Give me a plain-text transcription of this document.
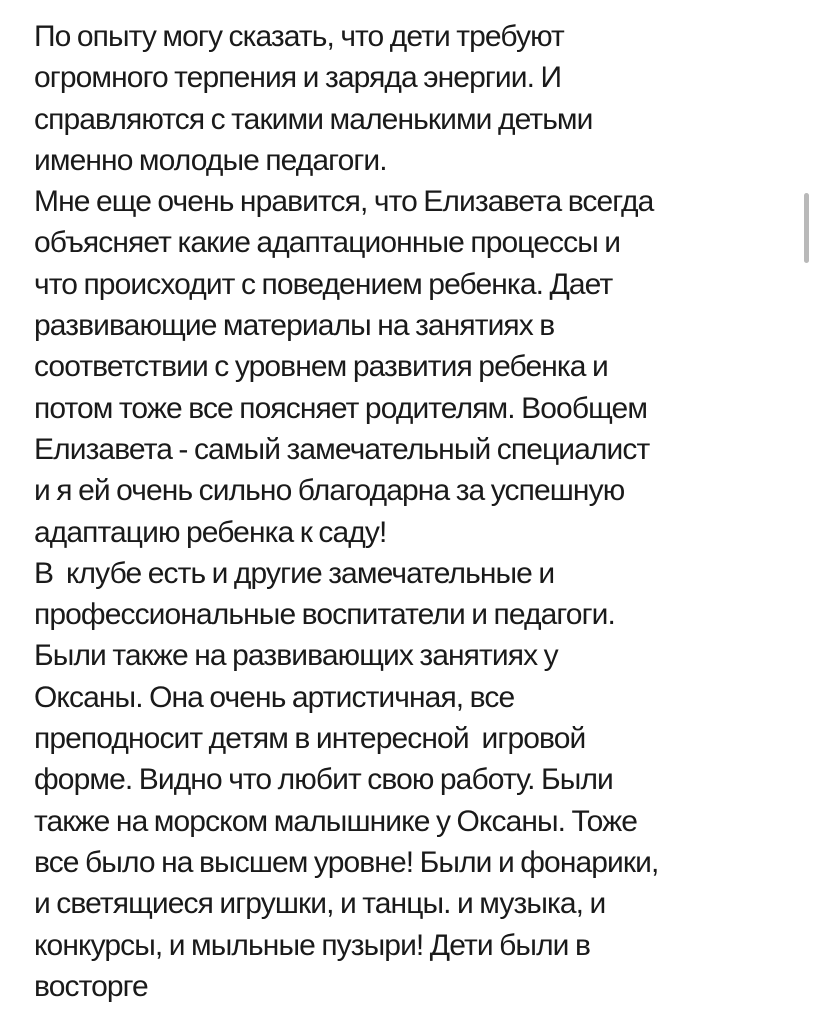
По опыту могу сказать, что дети требуют
огромного терпения и заряда энергии. И
справляются с такими маленькими детьми
именно молодые педагоги.
Мне еще очень нравится, что Елизавета всегда
объясняет какие адаптационные процессы и
что происходит с поведением ребенка. Дает
развивающие материалы на занятиях в
соответствии с уровнем развития ребенка и
потом тоже все поясняет родителям. Вообщем
Елизавета - самый замечательный специалист
и я ей очень сильно благодарна за успешную
адаптацию ребенка к саду!
В  клубе есть и другие замечательные и
профессиональные воспитатели и педагоги.
Были также на развивающих занятиях у
Оксаны. Она очень артистичная, все
преподносит детям в интересной  игровой
форме. Видно что любит свою работу. Были
также на морском малышнике у Оксаны. Тоже
все было на высшем уровне! Были и фонарики,
и светящиеся игрушки, и танцы. и музыка, и
конкурсы, и мыльные пузыри! Дети были в
восторге
